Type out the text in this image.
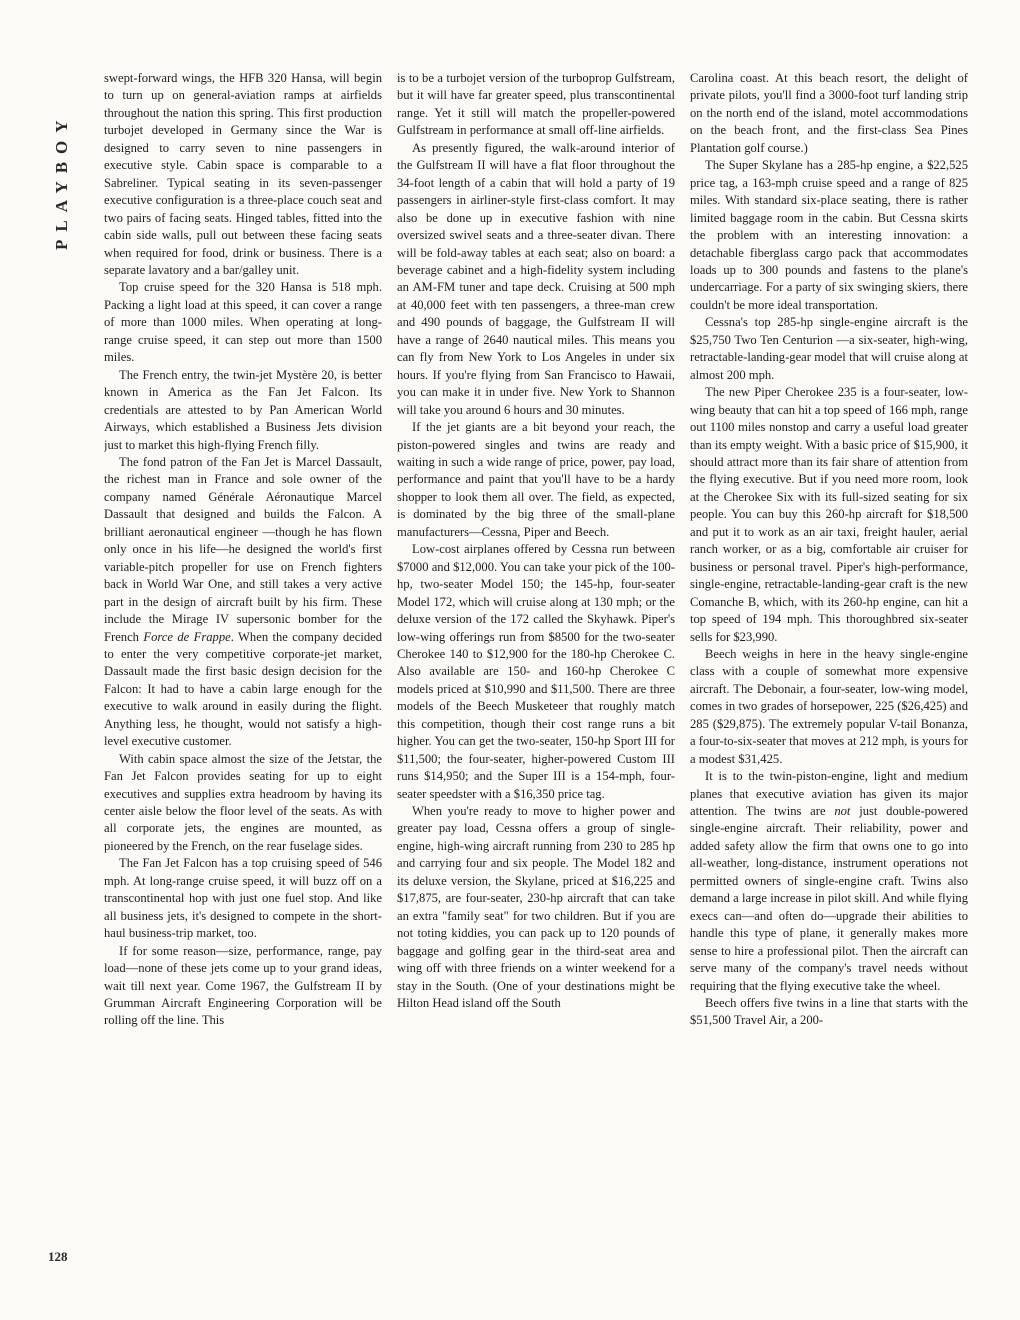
PLAYBOY
128

swept-forward wings, the HFB 320 Hansa, will begin to turn up on general-aviation ramps at airfields throughout the nation this spring. This first production turbojet developed in Germany since the War is designed to carry seven to nine passengers in executive style. Cabin space is comparable to a Sabreliner. Typical seating in its seven-passenger executive configuration is a three-place couch seat and two pairs of facing seats. Hinged tables, fitted into the cabin side walls, pull out between these facing seats when required for food, drink or business. There is a separate lavatory and a bar/galley unit.

Top cruise speed for the 320 Hansa is 518 mph. Packing a light load at this speed, it can cover a range of more than 1000 miles. When operating at long-range cruise speed, it can step out more than 1500 miles.

The French entry, the twin-jet Mystère 20, is better known in America as the Fan Jet Falcon. Its credentials are attested to by Pan American World Airways, which established a Business Jets division just to market this high-flying French filly.

The fond patron of the Fan Jet is Marcel Dassault, the richest man in France and sole owner of the company named Générale Aéronautique Marcel Dassault that designed and builds the Falcon. A brilliant aeronautical engineer —though he has flown only once in his life—he designed the world's first variable-pitch propeller for use on French fighters back in World War One, and still takes a very active part in the design of aircraft built by his firm. These include the Mirage IV supersonic bomber for the French Force de Frappe. When the company decided to enter the very competitive corporate-jet market, Dassault made the first basic design decision for the Falcon: It had to have a cabin large enough for the executive to walk around in easily during the flight. Anything less, he thought, would not satisfy a high-level executive customer.

With cabin space almost the size of the Jetstar, the Fan Jet Falcon provides seating for up to eight executives and supplies extra headroom by having its center aisle below the floor level of the seats. As with all corporate jets, the engines are mounted, as pioneered by the French, on the rear fuselage sides.

The Fan Jet Falcon has a top cruising speed of 546 mph. At long-range cruise speed, it will buzz off on a transcontinental hop with just one fuel stop. And like all business jets, it's designed to compete in the short-haul business-trip market, too.

If for some reason—size, performance, range, pay load—none of these jets come up to your grand ideas, wait till next year. Come 1967, the Gulfstream II by Grumman Aircraft Engineering Corporation will be rolling off the line. This

is to be a turbojet version of the turboprop Gulfstream, but it will have far greater speed, plus transcontinental range. Yet it still will match the propeller-powered Gulfstream in performance at small off-line airfields.

As presently figured, the walk-around interior of the Gulfstream II will have a flat floor throughout the 34-foot length of a cabin that will hold a party of 19 passengers in airliner-style first-class comfort. It may also be done up in executive fashion with nine oversized swivel seats and a three-seater divan. There will be fold-away tables at each seat; also on board: a beverage cabinet and a high-fidelity system including an AM-FM tuner and tape deck. Cruising at 500 mph at 40,000 feet with ten passengers, a three-man crew and 490 pounds of baggage, the Gulfstream II will have a range of 2640 nautical miles. This means you can fly from New York to Los Angeles in under six hours. If you're flying from San Francisco to Hawaii, you can make it in under five. New York to Shannon will take you around 6 hours and 30 minutes.

If the jet giants are a bit beyond your reach, the piston-powered singles and twins are ready and waiting in such a wide range of price, power, pay load, performance and paint that you'll have to be a hardy shopper to look them all over. The field, as expected, is dominated by the big three of the small-plane manufacturers—Cessna, Piper and Beech.

Low-cost airplanes offered by Cessna run between $7000 and $12,000. You can take your pick of the 100-hp, two-seater Model 150; the 145-hp, four-seater Model 172, which will cruise along at 130 mph; or the deluxe version of the 172 called the Skyhawk. Piper's low-wing offerings run from $8500 for the two-seater Cherokee 140 to $12,900 for the 180-hp Cherokee C. Also available are 150- and 160-hp Cherokee C models priced at $10,990 and $11,500. There are three models of the Beech Musketeer that roughly match this competition, though their cost range runs a bit higher. You can get the two-seater, 150-hp Sport III for $11,500; the four-seater, higher-powered Custom III runs $14,950; and the Super III is a 154-mph, four-seater speedster with a $16,350 price tag.

When you're ready to move to higher power and greater pay load, Cessna offers a group of single-engine, high-wing aircraft running from 230 to 285 hp and carrying four and six people. The Model 182 and its deluxe version, the Skylane, priced at $16,225 and $17,875, are four-seater, 230-hp aircraft that can take an extra "family seat" for two children. But if you are not toting kiddies, you can pack up to 120 pounds of baggage and golfing gear in the third-seat area and wing off with three friends on a winter weekend for a stay in the South. (One of your destinations might be Hilton Head island off the South

Carolina coast. At this beach resort, the delight of private pilots, you'll find a 3000-foot turf landing strip on the north end of the island, motel accommodations on the beach front, and the first-class Sea Pines Plantation golf course.)

The Super Skylane has a 285-hp engine, a $22,525 price tag, a 163-mph cruise speed and a range of 825 miles. With standard six-place seating, there is rather limited baggage room in the cabin. But Cessna skirts the problem with an interesting innovation: a detachable fiberglass cargo pack that accommodates loads up to 300 pounds and fastens to the plane's undercarriage. For a party of six swinging skiers, there couldn't be more ideal transportation.

Cessna's top 285-hp single-engine aircraft is the $25,750 Two Ten Centurion —a six-seater, high-wing, retractable-landing-gear model that will cruise along at almost 200 mph.

The new Piper Cherokee 235 is a four-seater, low-wing beauty that can hit a top speed of 166 mph, range out 1100 miles nonstop and carry a useful load greater than its empty weight. With a basic price of $15,900, it should attract more than its fair share of attention from the flying executive. But if you need more room, look at the Cherokee Six with its full-sized seating for six people. You can buy this 260-hp aircraft for $18,500 and put it to work as an air taxi, freight hauler, aerial ranch worker, or as a big, comfortable air cruiser for business or personal travel. Piper's high-performance, single-engine, retractable-landing-gear craft is the new Comanche B, which, with its 260-hp engine, can hit a top speed of 194 mph. This thoroughbred six-seater sells for $23,990.

Beech weighs in here in the heavy single-engine class with a couple of somewhat more expensive aircraft. The Debonair, a four-seater, low-wing model, comes in two grades of horsepower, 225 ($26,425) and 285 ($29,875). The extremely popular V-tail Bonanza, a four-to-six-seater that moves at 212 mph, is yours for a modest $31,425.

It is to the twin-piston-engine, light and medium planes that executive aviation has given its major attention. The twins are not just double-powered single-engine aircraft. Their reliability, power and added safety allow the firm that owns one to go into all-weather, long-distance, instrument operations not permitted owners of single-engine craft. Twins also demand a large increase in pilot skill. And while flying execs can—and often do—upgrade their abilities to handle this type of plane, it generally makes more sense to hire a professional pilot. Then the aircraft can serve many of the company's travel needs without requiring that the flying executive take the wheel.

Beech offers five twins in a line that starts with the $51,500 Travel Air, a 200-
